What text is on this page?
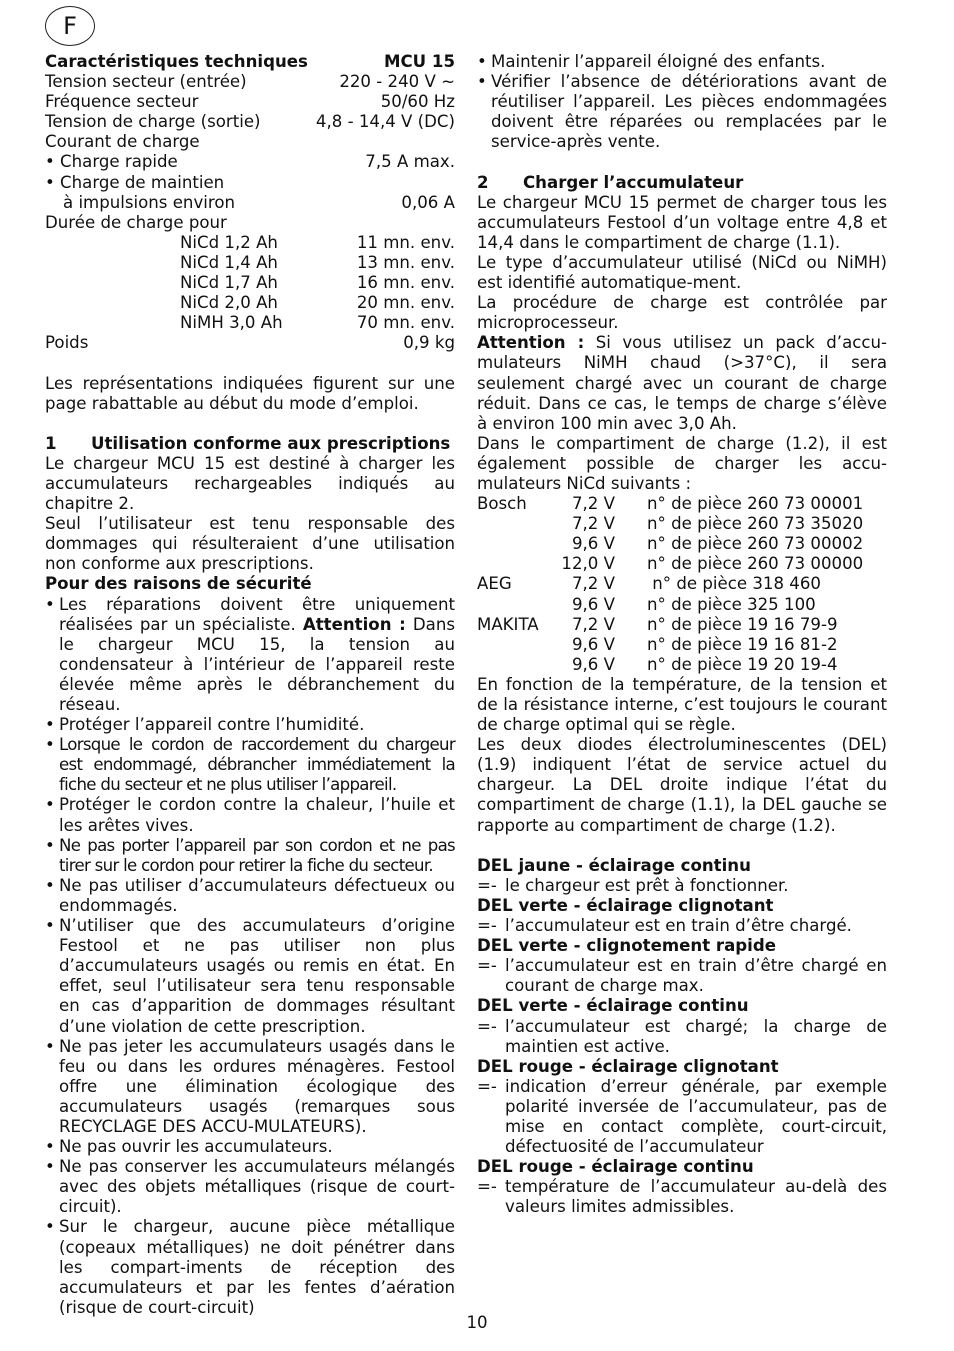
F
Caractéristiques techniques	MCU 15
Tension secteur (entrée)	220 - 240 V ~
Fréquence secteur	50/60 Hz
Tension de charge (sortie)	4,8 - 14,4 V (DC)
Courant de charge
• Charge rapide	7,5 A max.
• Charge de maintien
à impulsions environ	0,06 A
Durée de charge pour
NiCd 1,2 Ah	11 mn. env.
NiCd 1,4 Ah	13 mn. env.
NiCd 1,7 Ah	16 mn. env.
NiCd 2,0 Ah	20 mn. env.
NiMH 3,0 Ah	70 mn. env.
Poids	0,9 kg
Les représentations indiquées figurent sur une page rabattable au début du mode d’emploi.
1	Utilisation conforme aux prescriptions
Le chargeur MCU 15 est destiné à charger les accumulateurs rechargeables indiqués au chapitre 2.
Seul l’utilisateur est tenu responsable des dommages qui résulteraient d’une utilisation non conforme aux prescriptions.
Pour des raisons de sécurité
• Les réparations doivent être uniquement réalisées par un spécialiste. Attention : Dans le chargeur MCU 15, la tension au condensateur à l’intérieur de l’appareil reste élevée même après le débranchement du réseau.
• Protéger l’appareil contre l’humidité.
• Lorsque le cordon de raccordement du chargeur est endommagé, débrancher immédiatement la fiche du secteur et ne plus utiliser l’appareil.
• Protéger le cordon contre la chaleur, l’huile et les arêtes vives.
• Ne pas porter l’appareil par son cordon et ne pas tirer sur le cordon pour retirer la fiche du secteur.
• Ne pas utiliser d’accumulateurs défectueux ou endommagés.
• N’utiliser que des accumulateurs d’origine Festool et ne pas utiliser non plus d’accumulateurs usagés ou remis en état. En effet, seul l’utilisateur sera tenu responsable en cas d’apparition de dommages résultant d’une violation de cette prescription.
• Ne pas jeter les accumulateurs usagés dans le feu ou dans les ordures ménagères. Festool offre une élimination écologique des accumulateurs usagés (remarques sous RECYCLAGE DES ACCU-MULATEURS).
• Ne pas ouvrir les accumulateurs.
• Ne pas conserver les accumulateurs mélangés avec des objets métalliques (risque de court-circuit).
• Sur le chargeur, aucune pièce métallique (copeaux métalliques) ne doit pénétrer dans les compart-iments de réception des accumulateurs et par les fentes d’aération (risque de court-circuit)
• Maintenir l’appareil éloigné des enfants.
• Vérifier l’absence de détériorations avant de réutiliser l’appareil. Les pièces endommagées doivent être réparées ou remplacées par le service-après vente.
2	Charger l’accumulateur
Le chargeur MCU 15 permet de charger tous les accumulateurs Festool d’un voltage entre 4,8 et 14,4 dans le compartiment de charge (1.1).
Le type d’accumulateur utilisé (NiCd ou NiMH) est identifié automatique-ment.
La procédure de charge est contrôlée par microprocesseur.
Attention : Si vous utilisez un pack d’accu-mulateurs NiMH chaud (>37°C), il sera seulement chargé avec un courant de charge réduit. Dans ce cas, le temps de charge s’élève à environ 100 min avec 3,0 Ah.
Dans le compartiment de charge (1.2), il est également possible de charger les accu-mulateurs NiCd suivants :
Bosch	7,2 V n° de pièce 260 73 00001
7,2 V n° de pièce 260 73 35020
9,6 V n° de pièce 260 73 00002
12,0 V n° de pièce 260 73 00000
AEG	7,2 V n° de pièce 318 460
9,6 V n° de pièce 325 100
MAKITA	7,2 V n° de pièce 19 16 79-9
9,6 V n° de pièce 19 16 81-2
9,6 V n° de pièce 19 20 19-4
En fonction de la température, de la tension et de la résistance interne, c’est toujours le courant de charge optimal qui se règle.
Les deux diodes électroluminescentes (DEL) (1.9) indiquent l’état de service actuel du chargeur. La DEL droite indique l’état du compartiment de charge (1.1), la DEL gauche se rapporte au compartiment de charge (1.2).
DEL jaune - éclairage continu
=- le chargeur est prêt à fonctionner.
DEL verte - éclairage clignotant
=- l’accumulateur est en train d’être chargé.
DEL verte - clignotement rapide
=- l’accumulateur est en train d’être chargé en courant de charge max.
DEL verte - éclairage continu
=- l’accumulateur est chargé; la charge de maintien est active.
DEL rouge - éclairage clignotant
=- indication d’erreur générale, par exemple polarité inversée de l’accumulateur, pas de mise en contact complète, court-circuit, défectuosité de l’accumulateur
DEL rouge - éclairage continu
=- température de l’accumulateur au-delà des valeurs limites admissibles.
10
